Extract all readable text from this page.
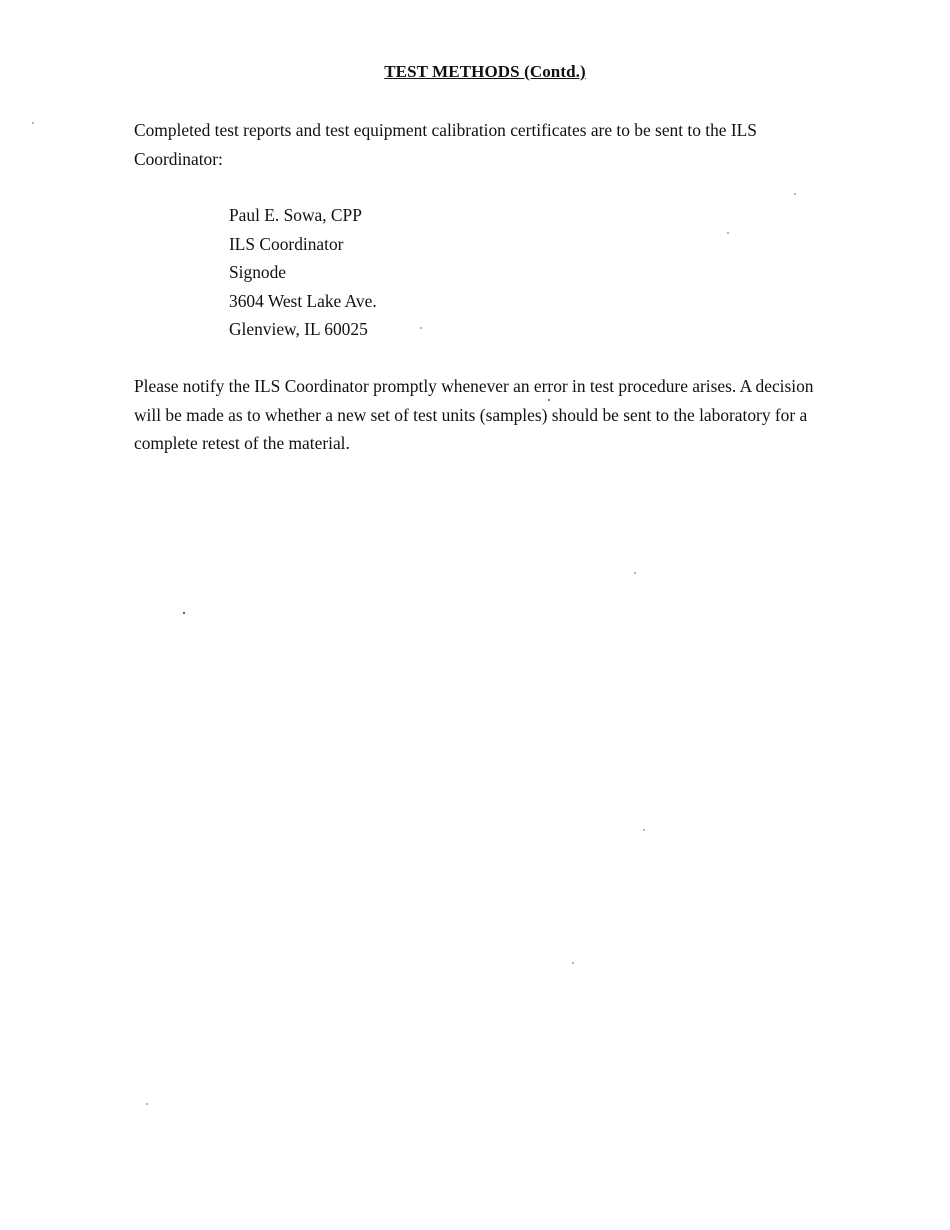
TEST METHODS (Contd.)

Completed test reports and test equipment calibration certificates are to be sent to the ILS Coordinator:

Paul E. Sowa, CPP
ILS Coordinator
Signode
3604 West Lake Ave.
Glenview, IL 60025

Please notify the ILS Coordinator promptly whenever an error in test procedure arises. A decision will be made as to whether a new set of test units (samples) should be sent to the laboratory for a complete retest of the material.
